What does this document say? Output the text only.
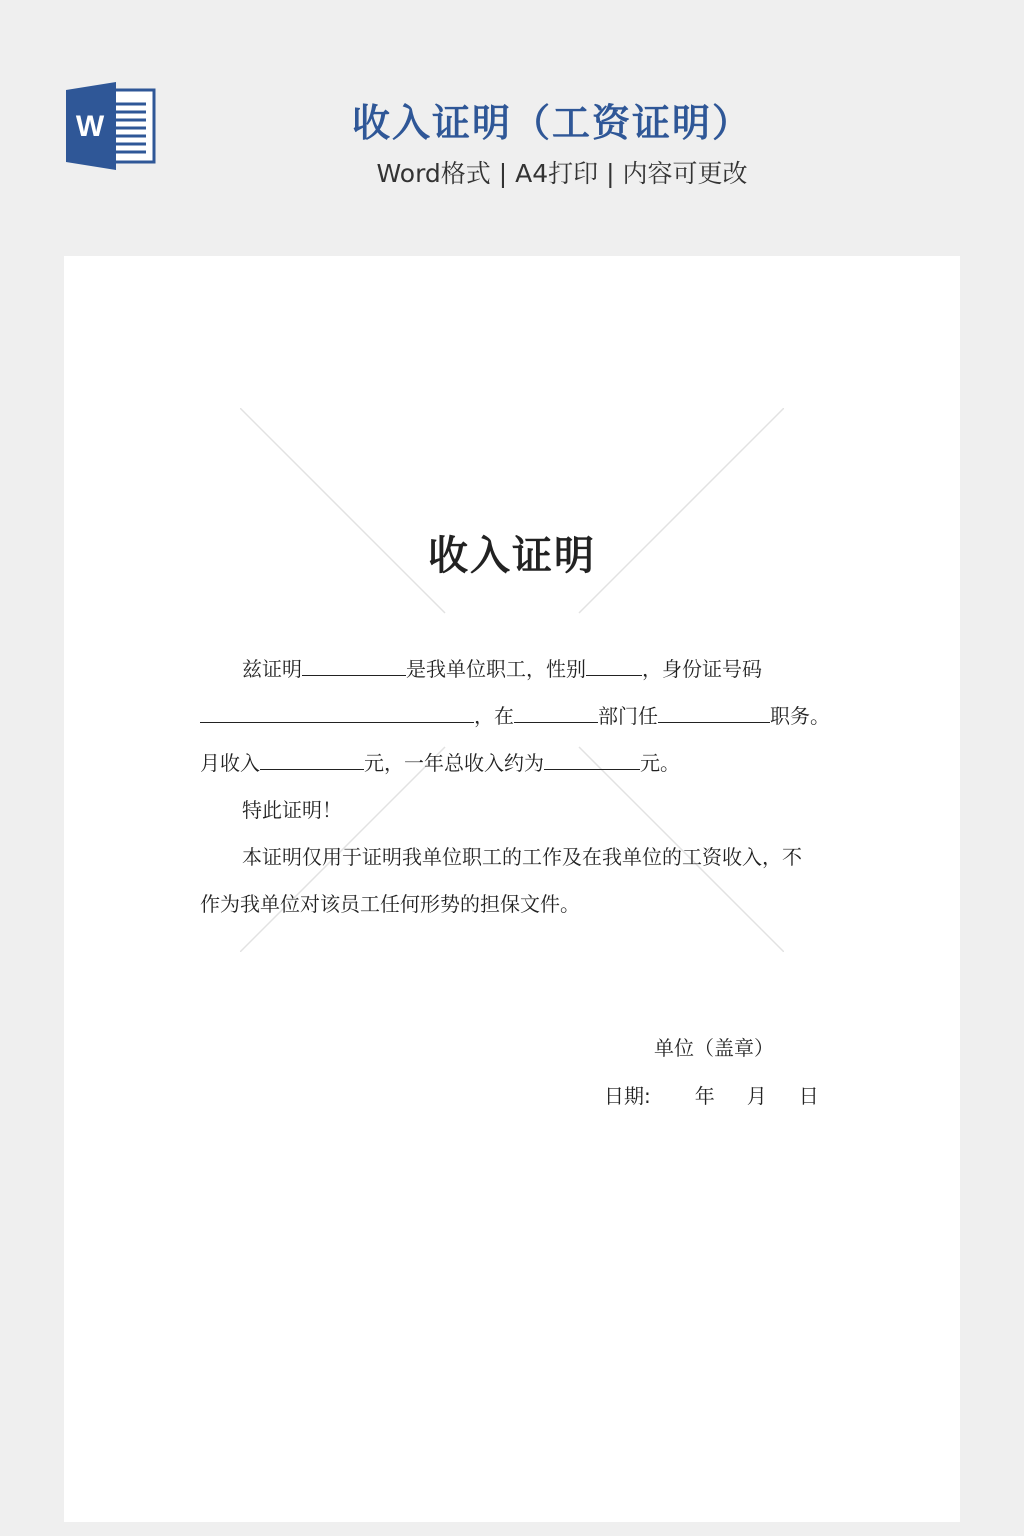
W	收入证明（工资证明）
Word格式 | A4打印 | 内容可更改
收入证明
兹证明	是我单位职工，性别	，身份证号码
，在	部门任	职务。
月收入	元，一年总收入约为	元。
特此证明！
本证明仅用于证明我单位职工的工作及在我单位的工资收入，不
作为我单位对该员工任何形势的担保文件。
单位（盖章）
日期: 年 月 日
